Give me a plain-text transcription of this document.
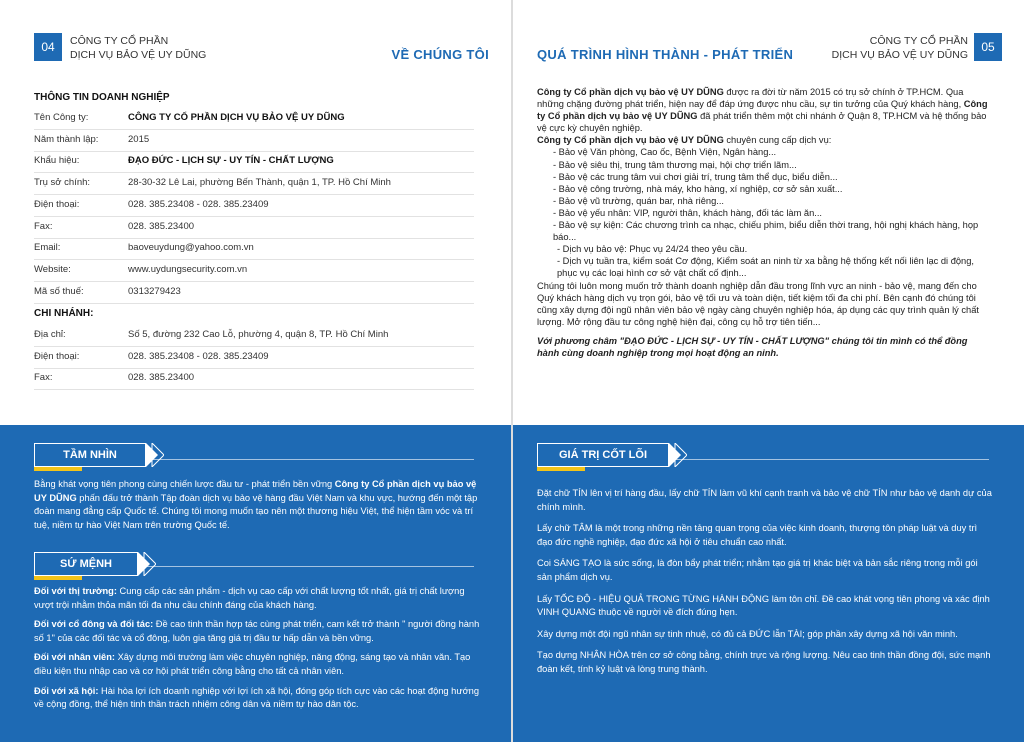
04	CÔNG TY CỔ PHẦN
DỊCH VỤ BẢO VỆ UY DŨNG	VỀ CHÚNG TÔI
THÔNG TIN DOANH NGHIỆP
Tên Công ty:	CÔNG TY CỔ PHẦN DỊCH VỤ BẢO VỆ UY DŨNG
Năm thành lập:	2015
Khẩu hiệu:	ĐẠO ĐỨC - LỊCH SỰ - UY TÍN - CHẤT LƯỢNG
Trụ sở chính:	28-30-32 Lê Lai, phường Bến Thành, quận 1, TP. Hồ Chí Minh
Điện thoại:	028. 385.23408 - 028. 385.23409
Fax:	028. 385.23400
Email:	baoveuydung@yahoo.com.vn
Website:	www.uydungsecurity.com.vn
Mã số thuế:	0313279423
CHI NHÁNH:
Địa chỉ:	Số 5, đường 232 Cao Lỗ, phường 4, quận 8, TP. Hồ Chí Minh
Điện thoại:	028. 385.23408 - 028. 385.23409
Fax:	028. 385.23400
QUÁ TRÌNH HÌNH THÀNH - PHÁT TRIỂN
CÔNG TY CỔ PHẦN
DỊCH VỤ BẢO VỆ UY DŨNG
05

Công ty Cổ phần dịch vụ bảo vệ UY DŨNG được ra đời từ năm 2015 có trụ sở chính ở TP.HCM. Qua những chặng đường phát triển, hiện nay để đáp ứng được nhu cầu, sự tin tưởng của Quý khách hàng, Công ty Cổ phần dịch vụ bảo vệ UY DŨNG đã phát triển thêm một chi nhánh ở Quận 8, TP.HCM và hệ thống bảo vệ cực kỳ chuyên nghiệp.

Công ty Cổ phần dịch vụ bảo vệ UY DŨNG chuyên cung cấp dịch vụ:

- Bảo vệ Văn phòng, Cao ốc, Bệnh Viện, Ngân hàng...

- Bảo vệ siêu thị, trung tâm thương mại, hội chợ triển lãm...

- Bảo vệ các trung tâm vui chơi giải trí, trung tâm thể dục, biểu diễn...

- Bảo vệ công trường, nhà máy, kho hàng, xí nghiệp, cơ sở sản xuất...

- Bảo vệ vũ trường, quán bar, nhà riêng...

- Bảo vệ yếu nhân: VIP, người thân, khách hàng, đối tác làm ăn...

- Bảo vệ sự kiện: Các chương trình ca nhạc, chiếu phim, biểu diễn thời trang, hội nghị khách hàng, họp báo...

- Dịch vụ bảo vệ: Phục vụ 24/24 theo yêu cầu.

- Dịch vụ tuần tra, kiểm soát Cơ động, Kiểm soát an ninh từ xa bằng hệ thống kết nối liên lạc di động, phục vụ các loại hình cơ sở vật chất cố định...

Chúng tôi luôn mong muốn trở thành doanh nghiệp dẫn đầu trong lĩnh vực an ninh - bảo vệ, mang đến cho Quý khách hàng dịch vụ trọn gói, bảo vệ tối ưu và toàn diện, tiết kiệm tối đa chi phí. Bên cạnh đó chúng tôi cũng xây dựng đội ngũ nhân viên bảo vệ ngày càng chuyên nghiệp hóa, áp dụng các quy trình quản lý chất lượng. Mở rộng đầu tư công nghệ hiện đại, công cụ hỗ trợ tiên tiến...

Với phương châm "ĐẠO ĐỨC - LỊCH SỰ - UY TÍN - CHẤT LƯỢNG" chúng tôi tin mình có thể đồng hành cùng doanh nghiệp trong mọi hoạt động an ninh.

TẦM NHÌN

Bằng khát vọng tiên phong cùng chiến lược đầu tư - phát triển bền vững Công ty Cổ phần dịch vụ bảo vệ UY DŨNG phấn đấu trở thành Tập đoàn dịch vụ bảo vệ hàng đầu Việt Nam và khu vực, hướng đến một tập đoàn mang đẳng cấp Quốc tế. Chúng tôi mong muốn tạo nên một thương hiệu Việt, thể hiện tầm vóc và trí tuệ, niềm tự hào Việt Nam trên trường Quốc tế.

SỨ MỆNH

Đối với thị trường: Cung cấp các sản phẩm - dịch vụ cao cấp với chất lượng tốt nhất, giá trị chất lượng vượt trội nhằm thỏa mãn tối đa nhu cầu chính đáng của khách hàng.

Đối với cổ đông và đối tác: Đề cao tinh thần hợp tác cùng phát triển, cam kết trở thành " người đồng hành số 1" của các đối tác và cổ đông, luôn gia tăng giá trị đầu tư hấp dẫn và bền vững.

Đối với nhân viên: Xây dựng môi trường làm việc chuyên nghiệp, năng động, sáng tạo và nhân văn. Tạo điều kiện thu nhập cao và cơ hội phát triển công bằng cho tất cả nhân viên.

Đối với xã hội: Hài hòa lợi ích doanh nghiệp với lợi ích xã hội, đóng góp tích cực vào các hoạt động hướng về cộng đồng, thể hiện tinh thần trách nhiệm công dân và niềm tự hào dân tộc.

GIÁ TRỊ CỐT LÕI

Đặt chữ TÍN lên vị trí hàng đầu, lấy chữ TÍN làm vũ khí cạnh tranh và bảo vệ chữ TÍN như bảo vệ danh dự của chính mình.

Lấy chữ TÂM là một trong những nền tảng quan trọng của việc kinh doanh, thượng tôn pháp luật và duy trì đạo đức nghề nghiệp, đạo đức xã hội ở tiêu chuẩn cao nhất.

Coi SÁNG TẠO là sức sống, là đòn bẩy phát triển; nhằm tạo giá trị khác biệt và bản sắc riêng trong mỗi gói sản phẩm dịch vụ.

Lấy TỐC ĐỘ - HIỆU QUẢ TRONG TỪNG HÀNH ĐỘNG làm tôn chỉ. Đề cao khát vọng tiên phong và xác định VINH QUANG thuộc về người về đích đúng hẹn.

Xây dựng một đội ngũ nhân sự tinh nhuệ, có đủ cả ĐỨC lẫn TÀI; góp phần xây dựng xã hội văn minh.

Tạo dựng NHÂN HÒA trên cơ sở công bằng, chính trực và rộng lượng. Nêu cao tinh thần đồng đội, sức mạnh đoàn kết, tính kỷ luật và lòng trung thành.
